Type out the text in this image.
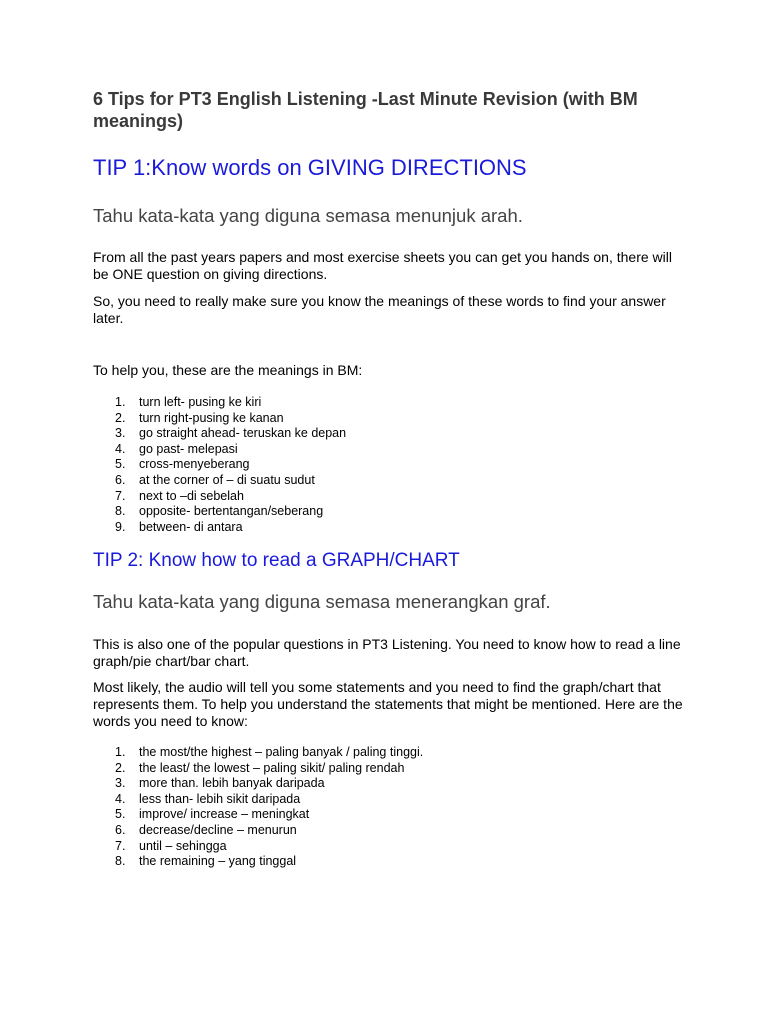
6 Tips for PT3 English Listening -Last Minute Revision (with BM meanings)
TIP 1:Know words on GIVING DIRECTIONS

Tahu kata-kata yang diguna semasa menunjuk arah.

From all the past years papers and most exercise sheets you can get you hands on, there will be ONE question on giving directions.

So, you need to really make sure you know the meanings of these words to find your answer later.

To help you, these are the meanings in BM:

1. turn left- pusing ke kiri
2. turn right-pusing ke kanan
3. go straight ahead- teruskan ke depan
4. go past- melepasi
5. cross-menyeberang
6. at the corner of – di suatu sudut
7. next to –di sebelah
8. opposite- bertentangan/seberang
9. between- di antara
TIP 2: Know how to read a GRAPH/CHART

Tahu kata-kata yang diguna semasa menerangkan graf.

This is also one of the popular questions in PT3 Listening. You need to know how to read a line graph/pie chart/bar chart.

Most likely, the audio will tell you some statements and you need to find the graph/chart that represents them. To help you understand the statements that might be mentioned. Here are the words you need to know:

1. the most/the highest – paling banyak / paling tinggi.
2. the least/ the lowest – paling sikit/ paling rendah
3. more than. lebih banyak daripada
4. less than- lebih sikit daripada
5. improve/ increase – meningkat
6. decrease/decline – menurun
7. until – sehingga
8. the remaining – yang tinggal
